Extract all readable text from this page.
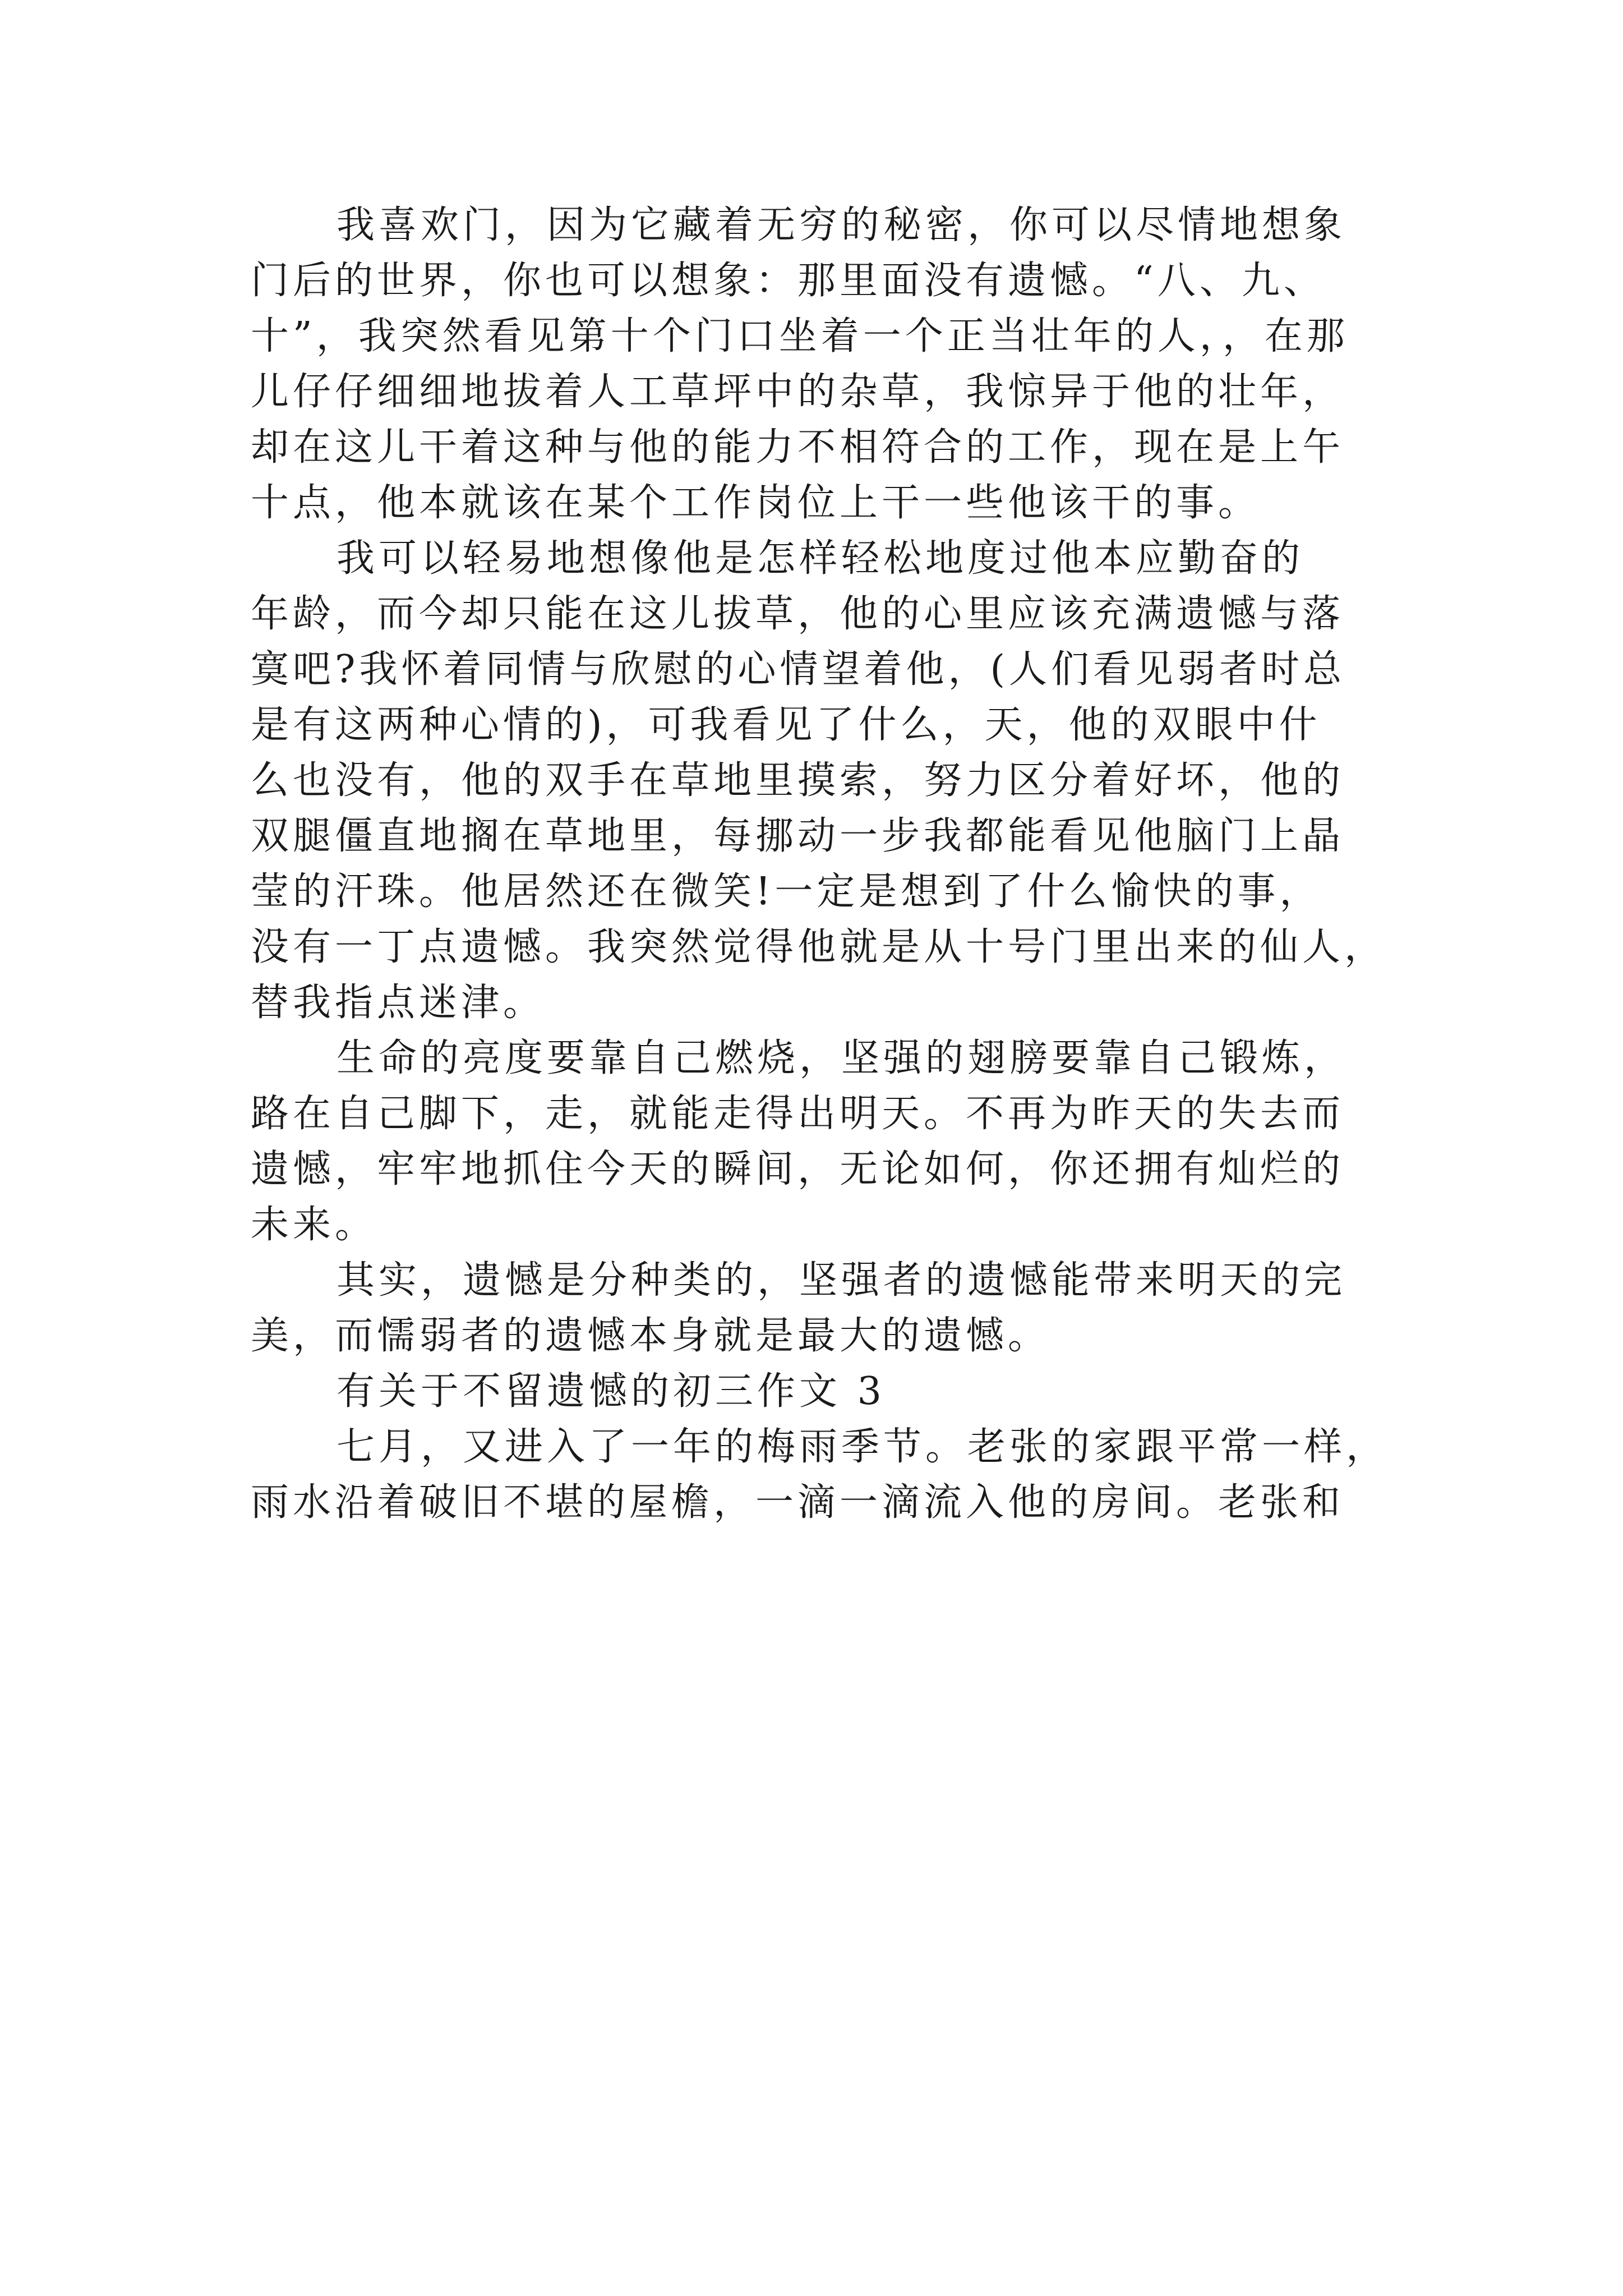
我喜欢门，因为它藏着无穷的秘密，你可以尽情地想象
门后的世界，你也可以想象：那里面没有遗憾。“八、九、
十”，我突然看见第十个门口坐着一个正当壮年的人，，在那
儿仔仔细细地拔着人工草坪中的杂草，我惊异于他的壮年，
却在这儿干着这种与他的能力不相符合的工作，现在是上午
十点，他本就该在某个工作岗位上干一些他该干的事。
我可以轻易地想像他是怎样轻松地度过他本应勤奋的
年龄，而今却只能在这儿拔草，他的心里应该充满遗憾与落
寞吧?我怀着同情与欣慰的心情望着他，(人们看见弱者时总
是有这两种心情的)，可我看见了什么，天，他的双眼中什
么也没有，他的双手在草地里摸索，努力区分着好坏，他的
双腿僵直地搁在草地里，每挪动一步我都能看见他脑门上晶
莹的汗珠。他居然还在微笑!一定是想到了什么愉快的事，
没有一丁点遗憾。我突然觉得他就是从十号门里出来的仙人，
替我指点迷津。
生命的亮度要靠自己燃烧，坚强的翅膀要靠自己锻炼，
路在自己脚下，走，就能走得出明天。不再为昨天的失去而
遗憾，牢牢地抓住今天的瞬间，无论如何，你还拥有灿烂的
未来。
其实，遗憾是分种类的，坚强者的遗憾能带来明天的完
美，而懦弱者的遗憾本身就是最大的遗憾。
有关于不留遗憾的初三作文 3
七月，又进入了一年的梅雨季节。老张的家跟平常一样，
雨水沿着破旧不堪的屋檐，一滴一滴流入他的房间。老张和
